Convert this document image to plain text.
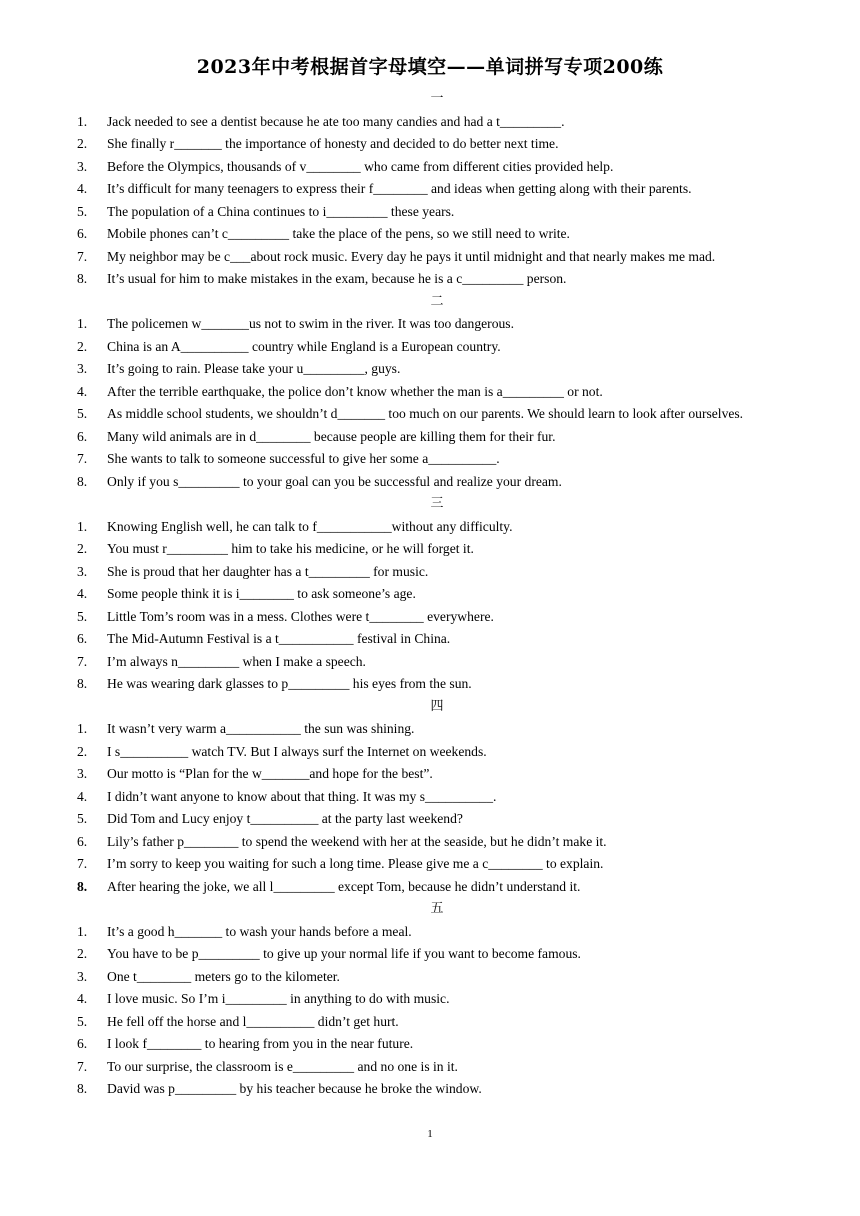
2023年中考根据首字母填空——单词拼写专项200练
一
1.	Jack needed to see a dentist because he ate too many candies and had a t_________.
2.	She finally r_______ the importance of honesty and decided to do better next time.
3.	Before the Olympics, thousands of v________ who came from different cities provided help.
4.	It’s difficult for many teenagers to express their f________ and ideas when getting along with their parents.
5.	The population of a China continues to i_________ these years.
6.	Mobile phones can’t c_________ take the place of the pens, so we still need to write.
7.	My neighbor may be c___about rock music. Every day he pays it until midnight and that nearly makes me mad.
8.	It’s usual for him to make mistakes in the exam, because he is a c_________ person.
二
1.	The policemen w_______us not to swim in the river. It was too dangerous.
2.	China is an A__________ country while England is a European country.
3.	It’s going to rain. Please take your u_________, guys.
4.	After the terrible earthquake, the police don’t know whether the man is a_________ or not.
5. As middle school students, we shouldn’t d_______ too much on our parents. We should learn to look after ourselves.
6.	Many wild animals are in d________ because people are killing them for their fur.
7.	She wants to talk to someone successful to give her some a__________.
8.	Only if you s_________ to your goal can you be successful and realize your dream.
三
1.	Knowing English well, he can talk to f___________without any difficulty.
2.	You must r_________ him to take his medicine, or he will forget it.
3.	She is proud that her daughter has a t_________ for music.
4.	Some people think it is i________ to ask someone’s age.
5.	Little Tom’s room was in a mess. Clothes were t________ everywhere.
6.	The Mid-Autumn Festival is a t___________ festival in China.
7.	I’m always n_________ when I make a speech.
8.	He was wearing dark glasses to p_________ his eyes from the sun.
四
1.	It wasn’t very warm a___________ the sun was shining.
2.	I s__________ watch TV. But I always surf the Internet on weekends.
3.	Our motto is “Plan for the w_______and hope for the best”.
4.	I didn’t want anyone to know about that thing. It was my s__________.
5.	Did Tom and Lucy enjoy t__________ at the party last weekend?
6.	Lily’s father p________ to spend the weekend with her at the seaside, but he didn’t make it.
7.	I’m sorry to keep you waiting for such a long time. Please give me a c________ to explain.
8.	After hearing the joke, we all l_________ except Tom, because he didn’t understand it.
五
1.	It’s a good h_______ to wash your hands before a meal.
2.	You have to be p_________ to give up your normal life if you want to become famous.
3.	One t________ meters go to the kilometer.
4.	I love music. So I’m i_________ in anything to do with music.
5.	He fell off the horse and l__________ didn’t get hurt.
6.	I look f________ to hearing from you in the near future.
7.	To our surprise, the classroom is e_________ and no one is in it.
8.	David was p_________ by his teacher because he broke the window.
1
